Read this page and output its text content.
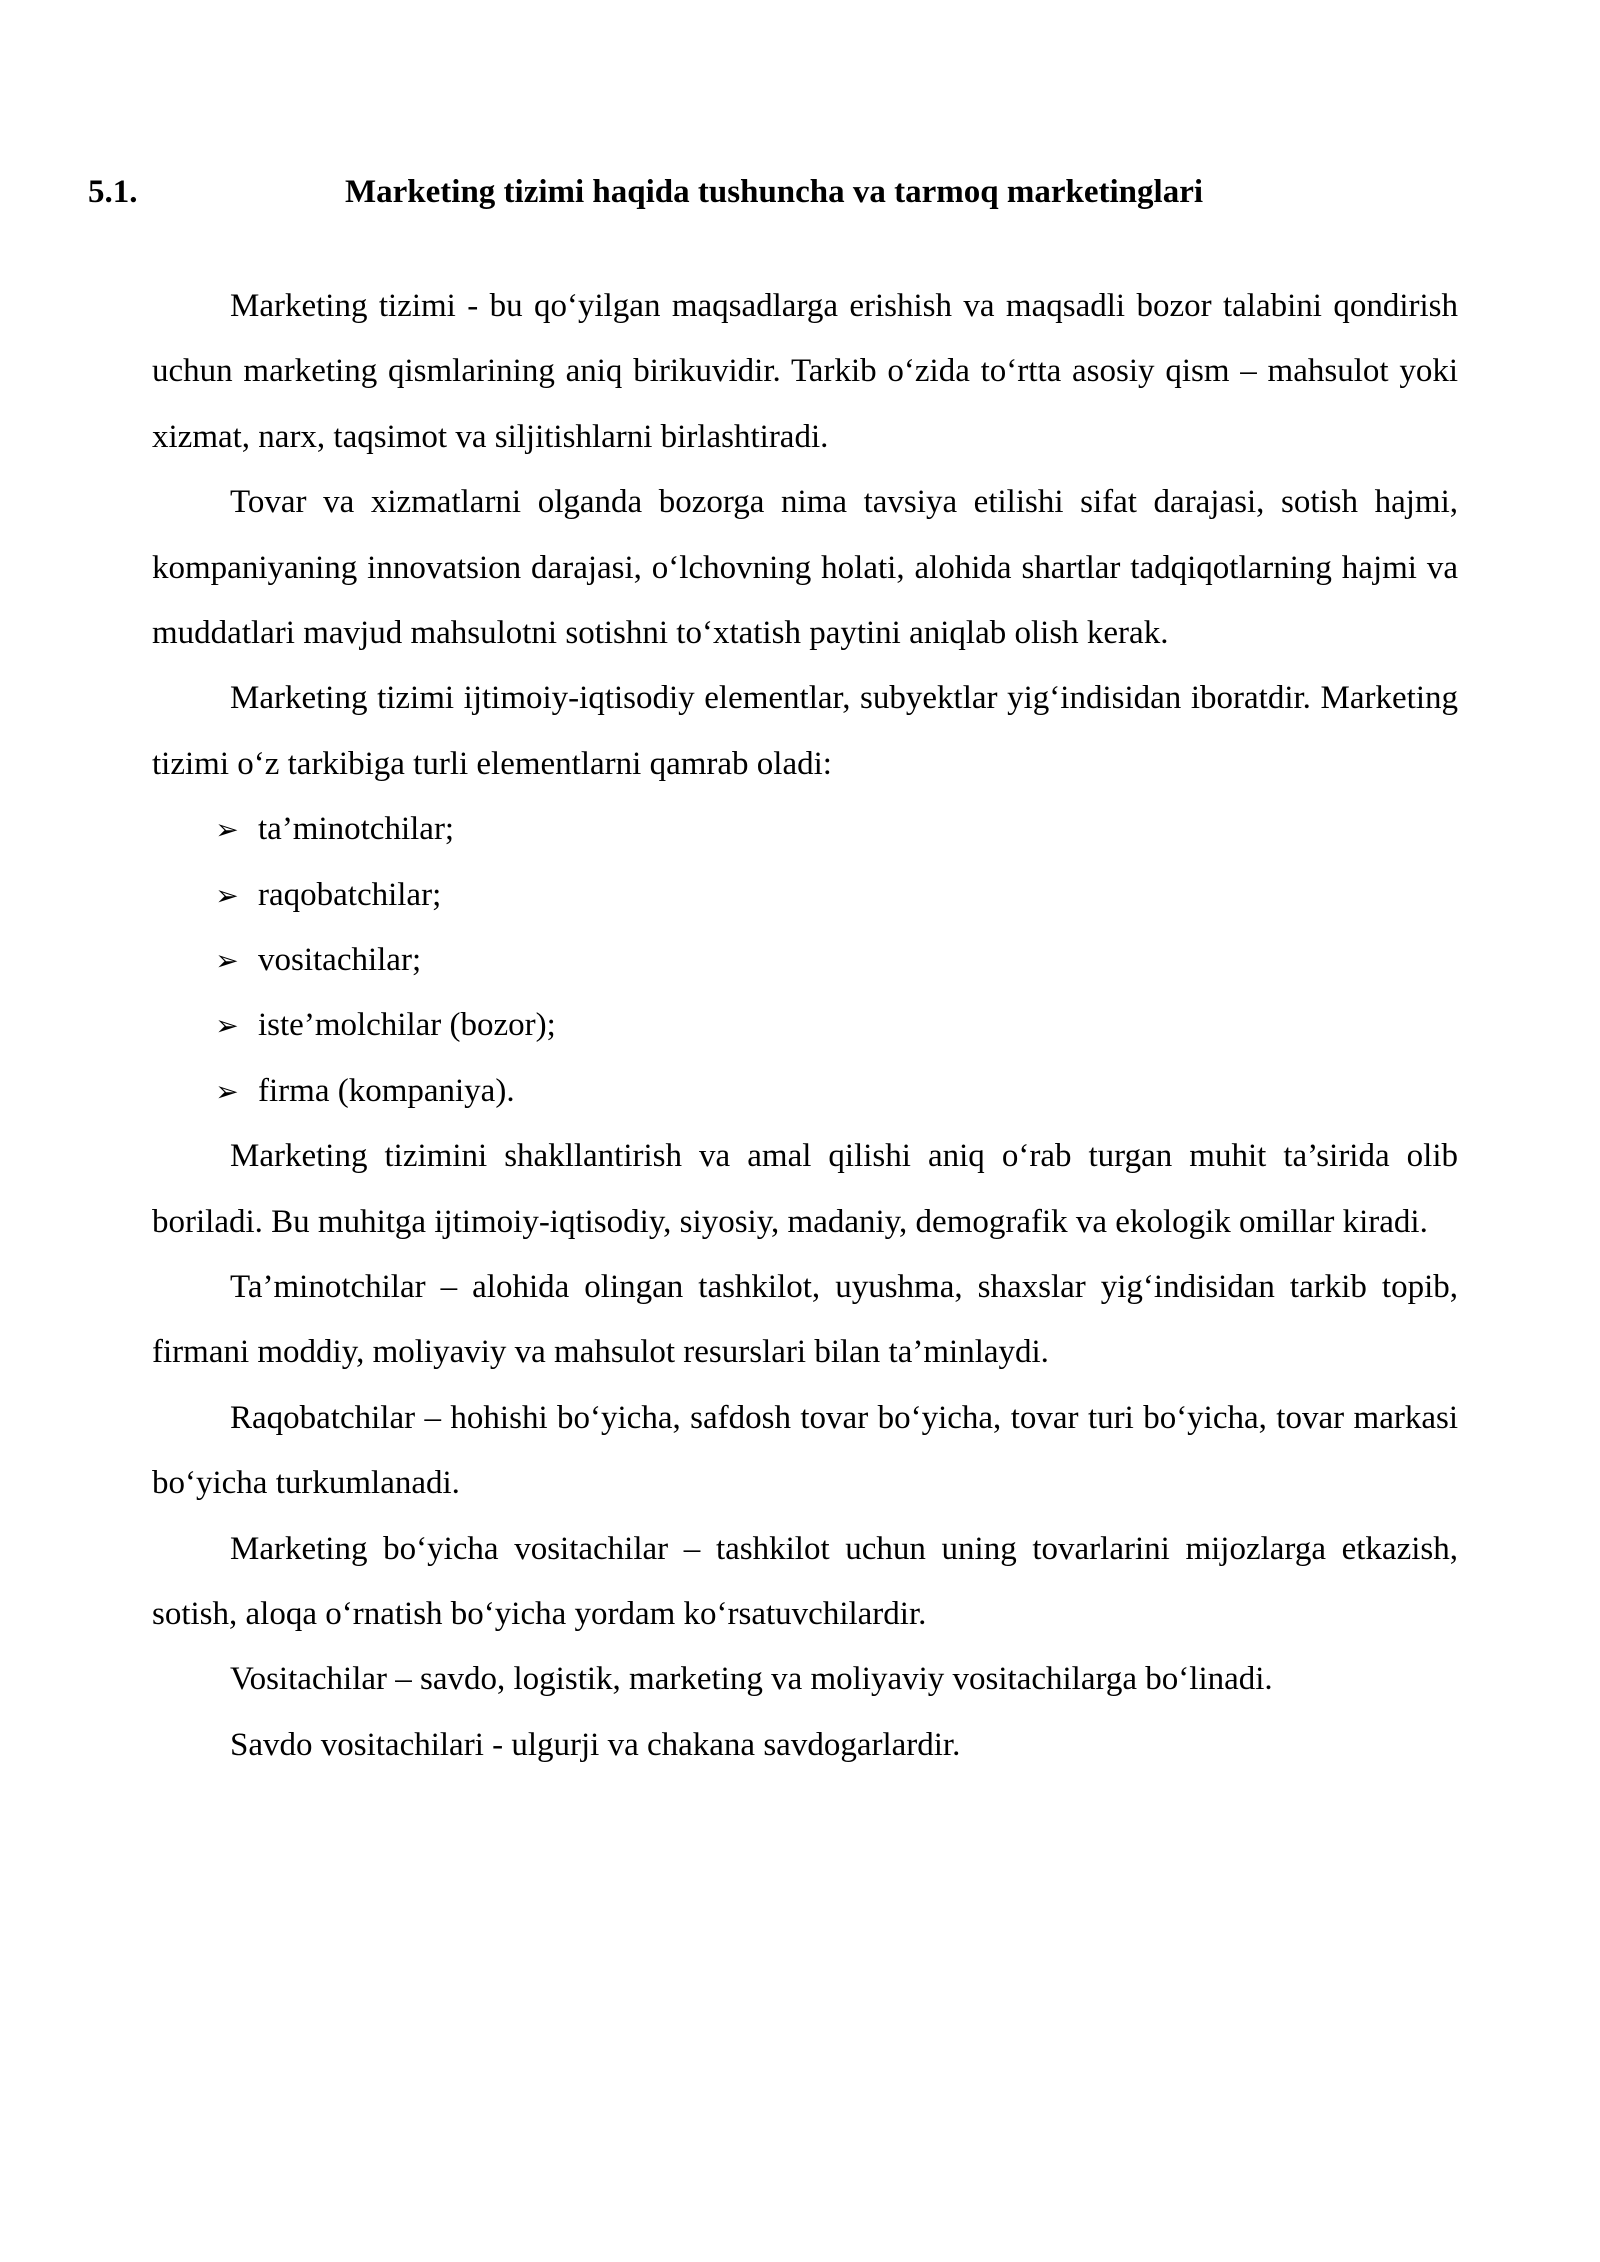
5.1.	Marketing tizimi haqida tushuncha va tarmoq marketinglari

Marketing tizimi - bu qo‘yilgan maqsadlarga erishish va maqsadli bozor talabini qondirish uchun marketing qismlarining aniq birikuvidir. Tarkib o‘zida to‘rtta asosiy qism – mahsulot yoki xizmat, narx, taqsimot va siljitishlarni birlashtiradi.

Tovar va xizmatlarni olganda bozorga nima tavsiya etilishi sifat darajasi, sotish hajmi, kompaniyaning innovatsion darajasi, o‘lchovning holati, alohida shartlar tadqiqotlarning hajmi va muddatlari mavjud mahsulotni sotishni to‘xtatish paytini aniqlab olish kerak.

Marketing tizimi ijtimoiy-iqtisodiy elementlar, subyektlar yig‘indisidan iboratdir. Marketing tizimi o‘z tarkibiga turli elementlarni qamrab oladi:

➢ ta’minotchilar;
➢ raqobatchilar;
➢ vositachilar;
➢ iste’molchilar (bozor);
➢ firma (kompaniya).

Marketing tizimini shakllantirish va amal qilishi aniq o‘rab turgan muhit ta’sirida olib boriladi. Bu muhitga ijtimoiy-iqtisodiy, siyosiy, madaniy, demografik va ekologik omillar kiradi.

Ta’minotchilar – alohida olingan tashkilot, uyushma, shaxslar yig‘indisidan tarkib topib, firmani moddiy, moliyaviy va mahsulot resurslari bilan ta’minlaydi.

Raqobatchilar – hohishi bo‘yicha, safdosh tovar bo‘yicha, tovar turi bo‘yicha, tovar markasi bo‘yicha turkumlanadi.

Marketing bo‘yicha vositachilar – tashkilot uchun uning tovarlarini mijozlarga etkazish, sotish, aloqa o‘rnatish bo‘yicha yordam ko‘rsatuvchilardir.

Vositachilar – savdo, logistik, marketing va moliyaviy vositachilarga bo‘linadi.

Savdo vositachilari - ulgurji va chakana savdogarlardir.
